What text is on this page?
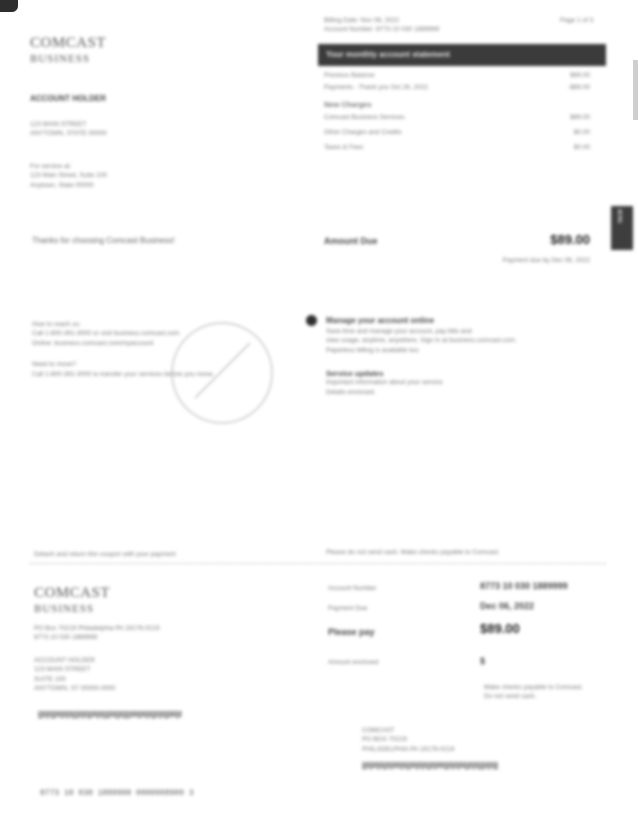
COMCAST
BUSINESS
ACCOUNT HOLDER
123 MAIN STREET
ANYTOWN, STATE 00000
For service at:
123 Main Street, Suite 100
Anytown, State 00000
Thanks for choosing Comcast Business!
How to reach us:
Call 1-800-391-3000 or visit business.comcast.com
Online: business.comcast.com/myaccount
Need to move?
Call 1-800-391-3000 to transfer your services before you move.
Billing Date: Nov 08, 2022
Account Number: 8773 10 030 1889999
Page 1 of 3
Your monthly account statement
Previous Balance	$89.00
Payments - Thank you Oct 26, 2022	-$89.00
New Charges
Comcast Business Services	$89.00
Other Charges and Credits	$0.00
Taxes & Fees	$0.00
Amount Due	$89.00
Payment due by Dec 06, 2022
Manage your account online
Save time and manage your account, pay bills and
view usage, anytime, anywhere. Sign in at business.comcast.com.
Paperless billing is available too.
Service updates
Important information about your service.
Details enclosed.
Detach and return this coupon with your payment	Please do not send cash. Make checks payable to Comcast.
COMCAST
BUSINESS
PO Box 70219 Philadelphia PA 19176-0219
8773 10 030 1889999
ACCOUNT HOLDER
123 MAIN STREET
SUITE 100
ANYTOWN, ST 00000-0000
||l|l||ll|l|l|||l|l||ll|l|||ll||l|||lll|ll|l||l|l||lll|l
Account Number	8773 10 030 1889999
Payment Due	Dec 06, 2022
Please pay	$89.00
Amount enclosed	$
Make checks payable to Comcast.
Do not send cash.
COMCAST
PO BOX 70219
PHILADELPHIA PA 19176-0219
||l|ll|l||l|lll|l||ll|l|l||l|lll||l|l|ll||l|l|||l|l||
8773 10 030 1889999 0000008900 3
NEW
